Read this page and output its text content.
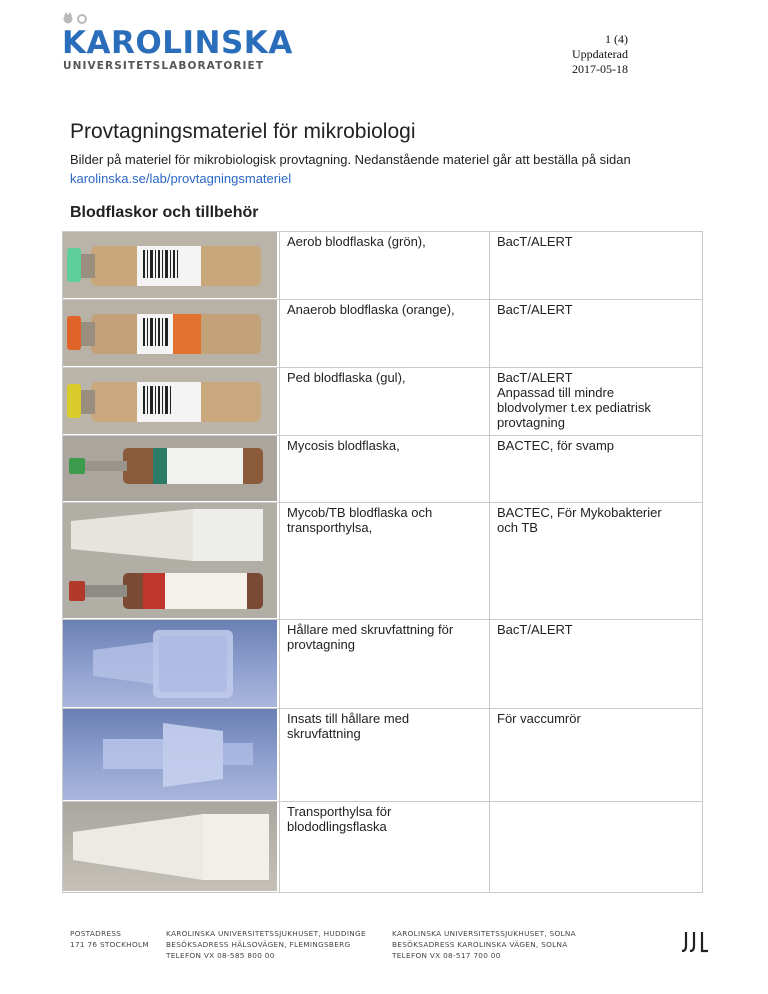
KAROLINSKA
UNIVERSITETSLABORATORIET
1 (4)
Uppdaterad
2017-05-18
Provtagningsmateriel för mikrobiologi
Bilder på materiel för mikrobiologisk provtagning. Nedanstående materiel går att beställa på sidan
karolinska.se/lab/provtagningsmateriel
Blodflaskor och tillbehör

Aerob blodflaska (grön),	BacT/ALERT

Anaerob blodflaska (orange),	BacT/ALERT

Ped blodflaska (gul),	BacT/ALERT
Anpassad till mindre
blodvolymer t.ex pediatrisk
provtagning

Mycosis blodflaska,	BACTEC, för svamp

Mycob/TB blodflaska och
transporthylsa,	BACTEC, För Mykobakterier
och TB

Hållare med skruvfattning för
provtagning	BacT/ALERT

Insats till hållare med
skruvfattning	För vaccumrör

Transporthylsa för
blododlingsflaska	

POSTADRESS
171 76 STOCKHOLM
KAROLINSKA UNIVERSITETSSJUKHUSET, HUDDINGE
BESÖKSADRESS HÄLSOVÄGEN, FLEMINGSBERG
TELEFON VX 08-585 800 00
KAROLINSKA UNIVERSITETSSJUKHUSET, SOLNA
BESÖKSADRESS KAROLINSKA VÄGEN, SOLNA
TELEFON VX 08-517 700 00
